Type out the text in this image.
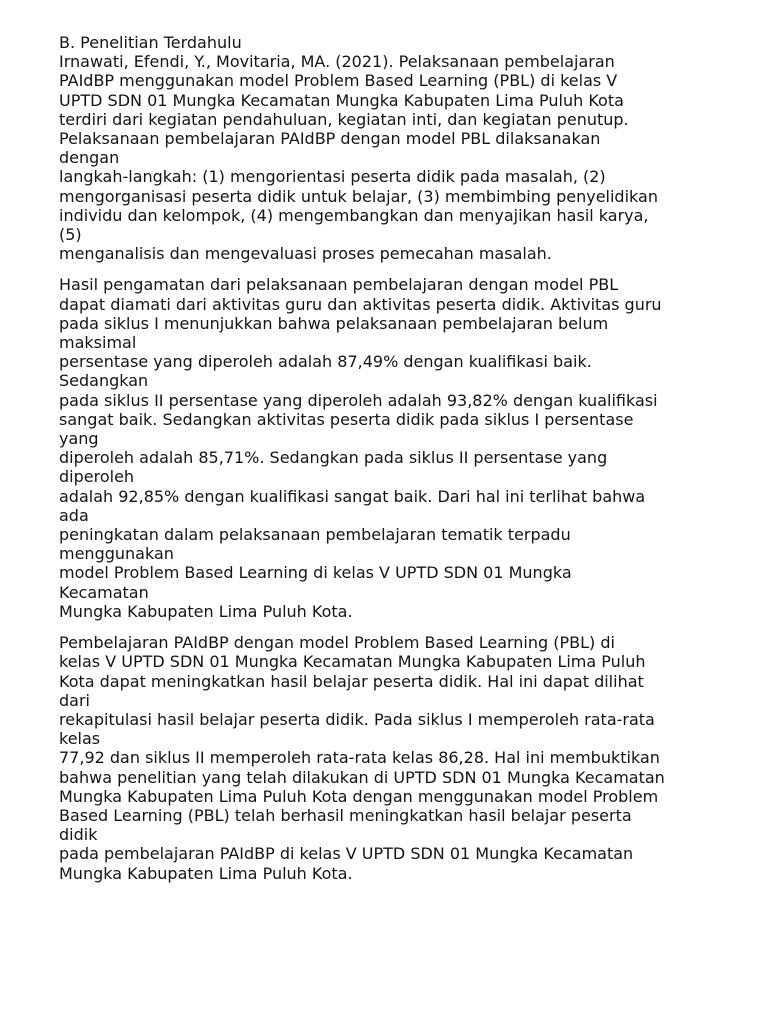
B. Penelitian Terdahulu
Irnawati, Efendi, Y., Movitaria, MA. (2021). Pelaksanaan pembelajaran
PAIdBP menggunakan model Problem Based Learning (PBL) di kelas V
UPTD SDN 01 Mungka Kecamatan Mungka Kabupaten Lima Puluh Kota
terdiri dari kegiatan pendahuluan, kegiatan inti, dan kegiatan penutup.
Pelaksanaan pembelajaran PAIdBP dengan model PBL dilaksanakan
dengan
langkah-langkah: (1) mengorientasi peserta didik pada masalah, (2)
mengorganisasi peserta didik untuk belajar, (3) membimbing penyelidikan
individu dan kelompok, (4) mengembangkan dan menyajikan hasil karya,
(5)
menganalisis dan mengevaluasi proses pemecahan masalah.
Hasil pengamatan dari pelaksanaan pembelajaran dengan model PBL
dapat diamati dari aktivitas guru dan aktivitas peserta didik. Aktivitas guru
pada siklus I menunjukkan bahwa pelaksanaan pembelajaran belum
maksimal
persentase yang diperoleh adalah 87,49% dengan kualifikasi baik.
Sedangkan
pada siklus II persentase yang diperoleh adalah 93,82% dengan kualifikasi
sangat baik. Sedangkan aktivitas peserta didik pada siklus I persentase
yang
diperoleh adalah 85,71%. Sedangkan pada siklus II persentase yang
diperoleh
adalah 92,85% dengan kualifikasi sangat baik. Dari hal ini terlihat bahwa
ada
peningkatan dalam pelaksanaan pembelajaran tematik terpadu
menggunakan
model Problem Based Learning di kelas V UPTD SDN 01 Mungka
Kecamatan
Mungka Kabupaten Lima Puluh Kota.
Pembelajaran PAIdBP dengan model Problem Based Learning (PBL) di
kelas V UPTD SDN 01 Mungka Kecamatan Mungka Kabupaten Lima Puluh
Kota dapat meningkatkan hasil belajar peserta didik. Hal ini dapat dilihat
dari
rekapitulasi hasil belajar peserta didik. Pada siklus I memperoleh rata-rata
kelas
77,92 dan siklus II memperoleh rata-rata kelas 86,28. Hal ini membuktikan
bahwa penelitian yang telah dilakukan di UPTD SDN 01 Mungka Kecamatan
Mungka Kabupaten Lima Puluh Kota dengan menggunakan model Problem
Based Learning (PBL) telah berhasil meningkatkan hasil belajar peserta
didik
pada pembelajaran PAIdBP di kelas V UPTD SDN 01 Mungka Kecamatan
Mungka Kabupaten Lima Puluh Kota.
